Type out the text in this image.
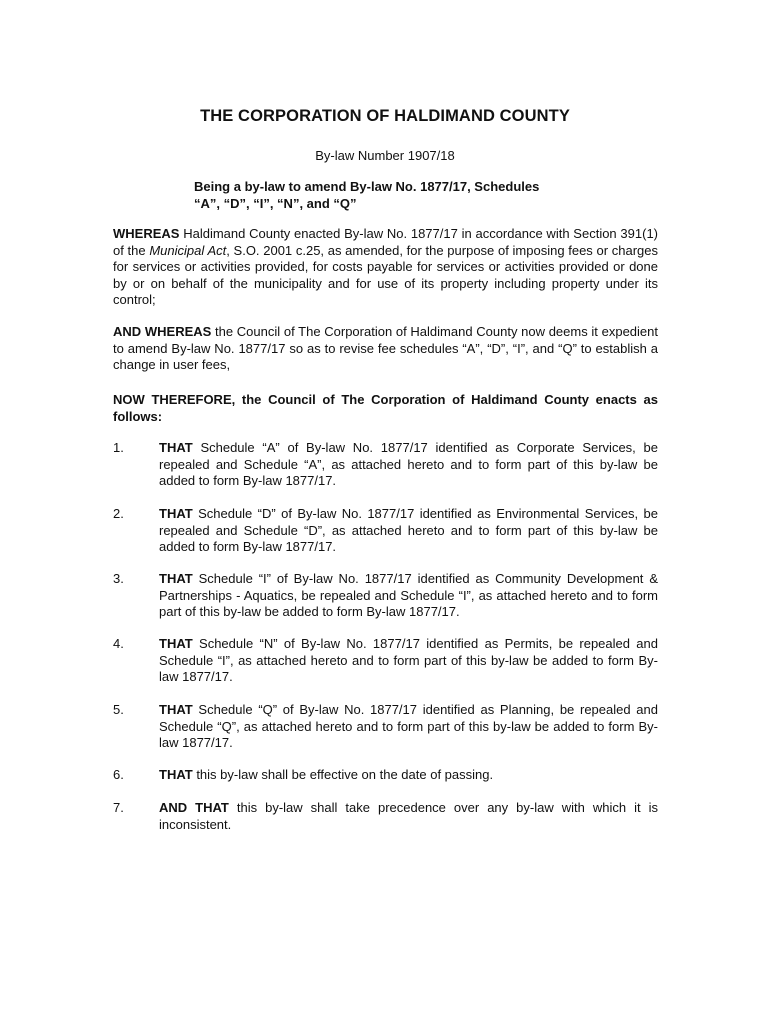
THE CORPORATION OF HALDIMAND COUNTY
By-law Number 1907/18
Being a by-law to amend By-law No. 1877/17, Schedules
“A”, “D”, “I”, “N”, and “Q”
WHEREAS Haldimand County enacted By-law No. 1877/17 in accordance with Section 391(1) of the Municipal Act, S.O. 2001 c.25, as amended, for the purpose of imposing fees or charges for services or activities provided, for costs payable for services or activities provided or done by or on behalf of the municipality and for use of its property including property under its control;
AND WHEREAS the Council of The Corporation of Haldimand County now deems it expedient to amend By-law No. 1877/17 so as to revise fee schedules “A”, “D”, “I”, and “Q” to establish a change in user fees,
NOW THEREFORE, the Council of The Corporation of Haldimand County enacts as follows:
1.	THAT Schedule “A” of By-law No. 1877/17 identified as Corporate Services, be repealed and Schedule “A”, as attached hereto and to form part of this by-law be added to form By-law 1877/17.
2.	THAT Schedule “D” of By-law No. 1877/17 identified as Environmental Services, be repealed and Schedule “D”, as attached hereto and to form part of this by-law be added to form By-law 1877/17.
3.	THAT Schedule “I” of By-law No. 1877/17 identified as Community Development & Partnerships - Aquatics, be repealed and Schedule “I”, as attached hereto and to form part of this by-law be added to form By-law 1877/17.
4.	THAT Schedule “N” of By-law No. 1877/17 identified as Permits, be repealed and Schedule “I”, as attached hereto and to form part of this by-law be added to form By-law 1877/17.
5.	THAT Schedule “Q” of By-law No. 1877/17 identified as Planning, be repealed and Schedule “Q”, as attached hereto and to form part of this by-law be added to form By-law 1877/17.
6.	THAT this by-law shall be effective on the date of passing.
7.	AND THAT this by-law shall take precedence over any by-law with which it is inconsistent.
